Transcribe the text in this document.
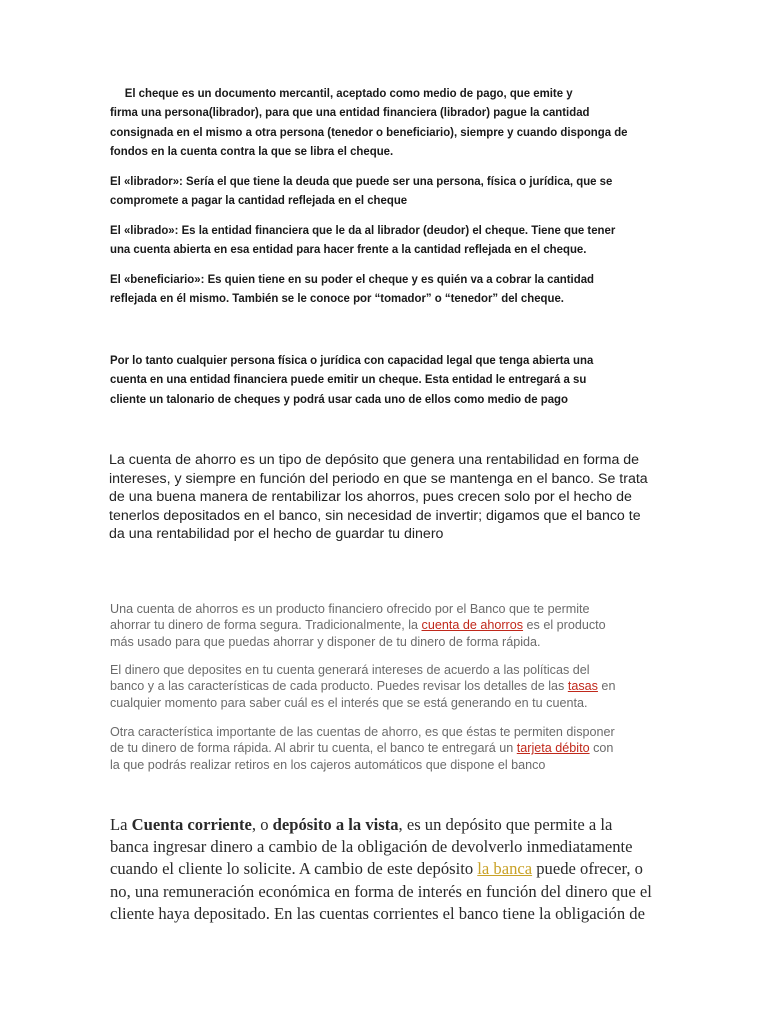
El cheque es un documento mercantil, aceptado como medio de pago, que emite y
firma una persona(librador), para que una entidad financiera (librador) pague la cantidad
consignada en el mismo a otra persona (tenedor o beneficiario), siempre y cuando disponga de
fondos en la cuenta contra la que se libra el cheque.
El «librador»: Sería el que tiene la deuda que puede ser una persona, física o jurídica, que se
compromete a pagar la cantidad reflejada en el cheque
El «librado»: Es la entidad financiera que le da al librador (deudor) el cheque. Tiene que tener
una cuenta abierta en esa entidad para hacer frente a la cantidad reflejada en el cheque.
El «beneficiario»: Es quien tiene en su poder el cheque y es quién va a cobrar la cantidad
reflejada en él mismo. También se le conoce por “tomador” o “tenedor” del cheque.
Por lo tanto cualquier persona física o jurídica con capacidad legal que tenga abierta una
cuenta en una entidad financiera puede emitir un cheque. Esta entidad le entregará a su
cliente un talonario de cheques y podrá usar cada uno de ellos como medio de pago
La cuenta de ahorro es un tipo de depósito que genera una rentabilidad en forma de
intereses, y siempre en función del periodo en que se mantenga en el banco. Se trata
de una buena manera de rentabilizar los ahorros, pues crecen solo por el hecho de
tenerlos depositados en el banco, sin necesidad de invertir; digamos que el banco te
da una rentabilidad por el hecho de guardar tu dinero
Una cuenta de ahorros es un producto financiero ofrecido por el Banco que te permite
ahorrar tu dinero de forma segura. Tradicionalmente, la cuenta de ahorros es el producto
más usado para que puedas ahorrar y disponer de tu dinero de forma rápida.
El dinero que deposites en tu cuenta generará intereses de acuerdo a las políticas del
banco y a las características de cada producto. Puedes revisar los detalles de las tasas en
cualquier momento para saber cuál es el interés que se está generando en tu cuenta.
Otra característica importante de las cuentas de ahorro, es que éstas te permiten disponer
de tu dinero de forma rápida. Al abrir tu cuenta, el banco te entregará un tarjeta débito con
la que podrás realizar retiros en los cajeros automáticos que dispone el banco
La Cuenta corriente, o depósito a la vista, es un depósito que permite a la
banca ingresar dinero a cambio de la obligación de devolverlo inmediatamente
cuando el cliente lo solicite. A cambio de este depósito la banca puede ofrecer, o
no, una remuneración económica en forma de interés en función del dinero que el
cliente haya depositado. En las cuentas corrientes el banco tiene la obligación de
